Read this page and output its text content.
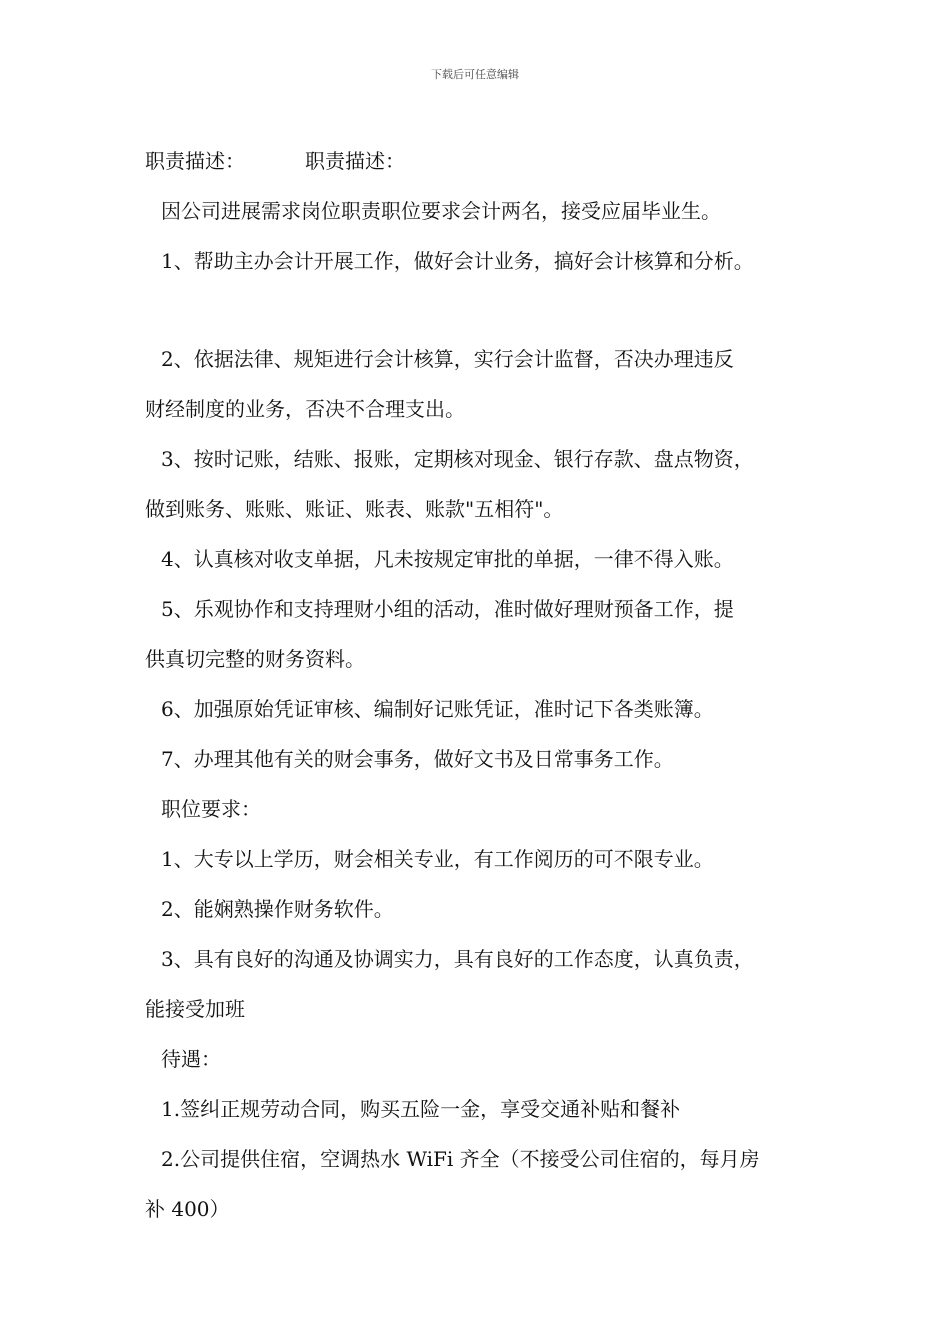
下载后可任意编辑
职责描述：	职责描述：
因公司进展需求岗位职责职位要求会计两名，接受应届毕业生。
1、帮助主办会计开展工作，做好会计业务，搞好会计核算和分析。
2、依据法律、规矩进行会计核算，实行会计监督，否决办理违反
财经制度的业务，否决不合理支出。
3、按时记账，结账、报账，定期核对现金、银行存款、盘点物资，
做到账务、账账、账证、账表、账款"五相符"。
4、认真核对收支单据，凡未按规定审批的单据，一律不得入账。
5、乐观协作和支持理财小组的活动，准时做好理财预备工作，提
供真切完整的财务资料。
6、加强原始凭证审核、编制好记账凭证，准时记下各类账簿。
7、办理其他有关的财会事务，做好文书及日常事务工作。
职位要求：
1、大专以上学历，财会相关专业，有工作阅历的可不限专业。
2、能娴熟操作财务软件。
3、具有良好的沟通及协调实力，具有良好的工作态度，认真负责，
能接受加班
待遇：
1.签纠正规劳动合同，购买五险一金，享受交通补贴和餐补
2.公司提供住宿，空调热水 WiFi 齐全（不接受公司住宿的，每月房
补 400）
